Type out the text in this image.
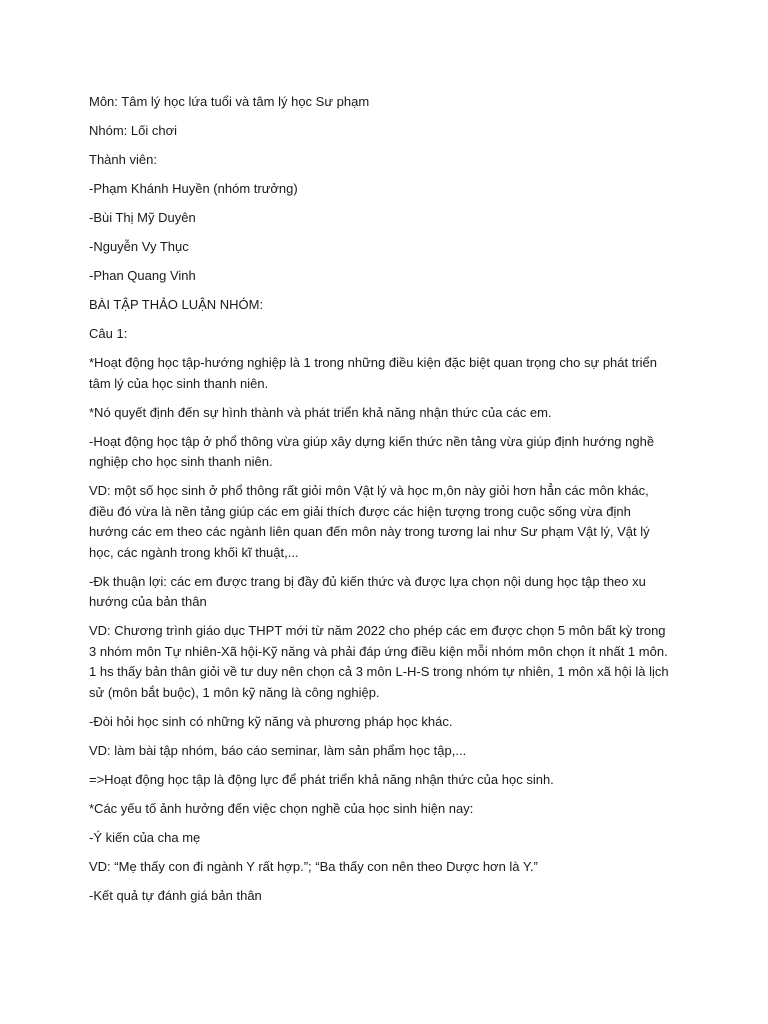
Môn: Tâm lý học lứa tuổi và tâm lý học Sư phạm

Nhóm: Lối chơi

Thành viên:

-Phạm Khánh Huyền (nhóm trưởng)

-Bùi Thị Mỹ Duyên

-Nguyễn Vy Thục

-Phan Quang Vinh

BÀI TẬP THẢO LUẬN NHÓM:

Câu 1:

*Hoạt động học tập-hướng nghiệp là 1 trong những điều kiện đặc biệt quan trọng cho sự phát triển tâm lý của học sinh thanh niên.

*Nó quyết định đến sự hình thành và phát triển khả năng nhận thức của các em.

-Hoạt động học tập ở phổ thông vừa giúp xây dựng kiến thức nền tảng vừa giúp định hướng nghề nghiệp cho học sinh thanh niên.

VD: một số học sinh ở phổ thông rất giỏi môn Vật lý và học m,ôn này giỏi hơn hẳn các môn khác, điều đó vừa là nền tảng giúp các em giải thích được các hiện tượng trong cuộc sống vừa định hướng các em theo các ngành liên quan đến môn này trong tương lai như Sư phạm Vật lý, Vật lý học, các ngành trong khối kĩ thuật,...

-Đk thuận lợi: các em được trang bị đầy đủ kiến thức và được lựa chọn nội dung học tập theo xu hướng của bản thân

VD: Chương trình giáo dục THPT mới từ năm 2022 cho phép các em được chọn 5 môn bất kỳ trong 3 nhóm môn Tự nhiên-Xã hội-Kỹ năng và phải đáp ứng điều kiện mỗi nhóm môn chọn ít nhất 1 môn. 1 hs thấy bản thân giỏi về tư duy nên chọn cả 3 môn L-H-S trong nhóm tự nhiên, 1 môn xã hội là lịch sử (môn bắt buộc), 1 môn kỹ năng là công nghiệp.

-Đòi hỏi học sinh có những kỹ năng và phương pháp học khác.

VD: làm bài tập nhóm, báo cáo seminar, làm sản phẩm học tập,...

=>Hoạt động học tập là động lực để phát triển khả năng nhận thức của học sinh.

*Các yếu tố ảnh hưởng đến việc chọn nghề của học sinh hiện nay:

-Ý kiến của cha mẹ

VD: “Mẹ thấy con đi ngành Y rất hợp.”; “Ba thấy con nên theo Dược hơn là Y.”

-Kết quả tự đánh giá bản thân
